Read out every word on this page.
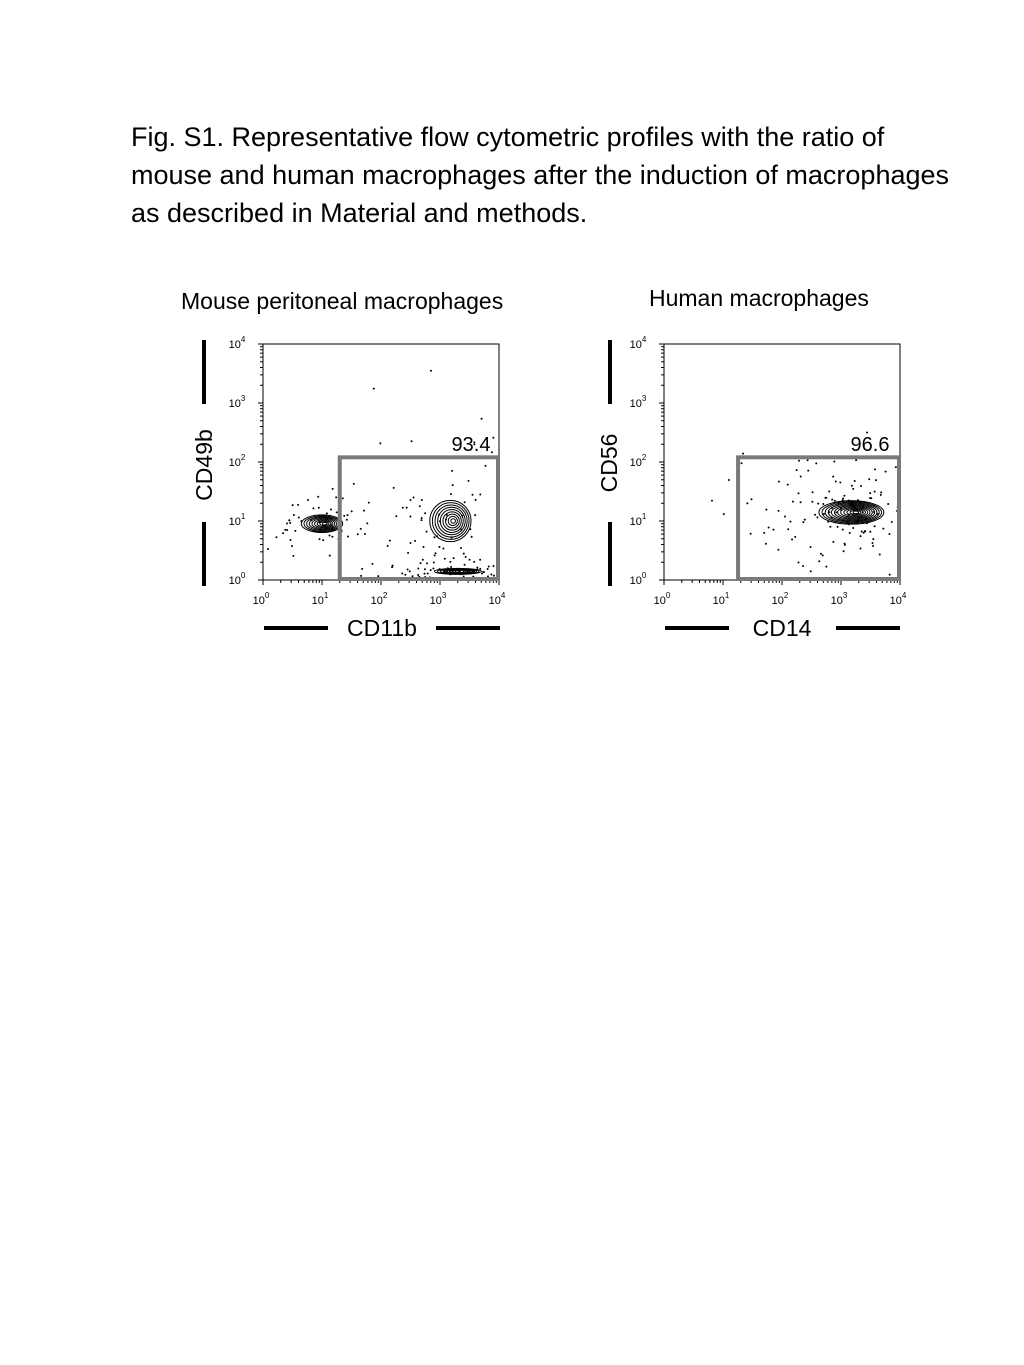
Fig. S1. Representative flow cytometric profiles with the ratio of mouse and human macrophages after the induction of macrophages as described in Material and methods.

Mouse peritoneal macrophages	Human macrophages
$10^0$
$10^0$
$10^1$
$10^1$
$10^2$
$10^2$
$10^3$
$10^3$
$10^4$
$10^4$
93.4
CD11b
CD49b
$10^0$
$10^0$
$10^1$
$10^1$
$10^2$
$10^2$
$10^3$
$10^3$
$10^4$
$10^4$
96.6
CD14
CD56
